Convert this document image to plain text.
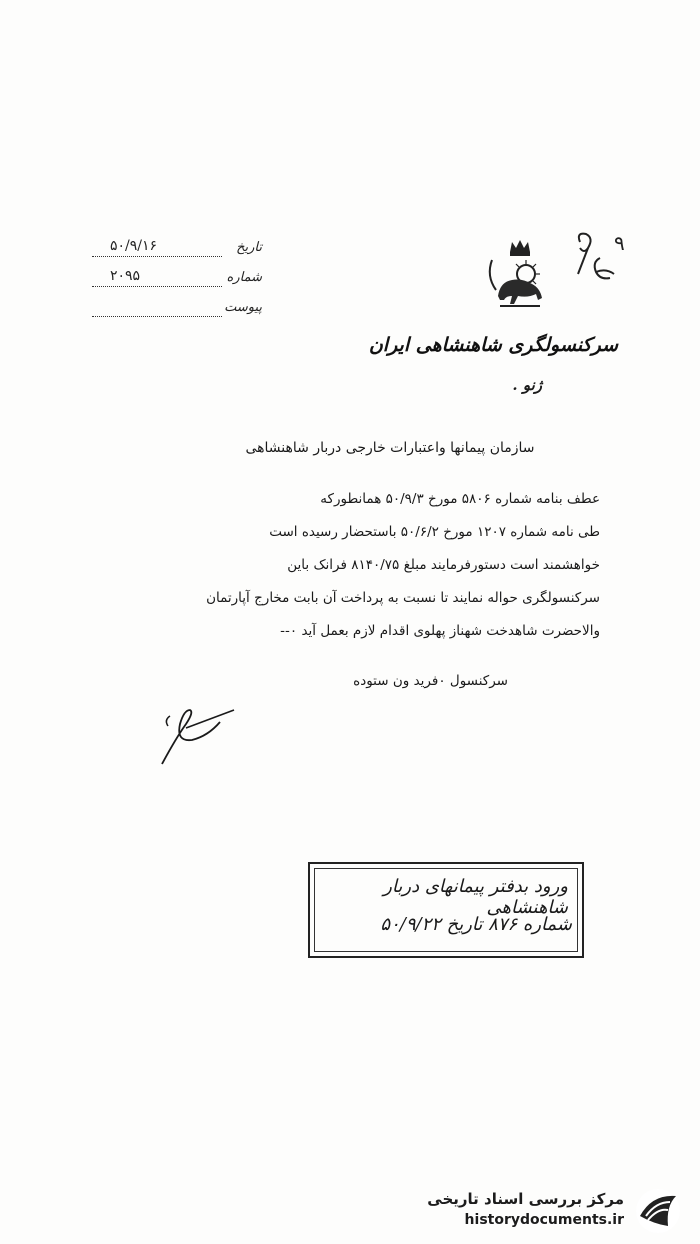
تاریخ
۵۰/۹/۱۶
شماره
۲۰۹۵
پیوست
۹
سرکنسولگری شاهنشاهی ایران
ژنو .
سازمان پیمانها واعتبارات خارجی دربار شاهنشاهی
عطف بنامه شماره ۵۸۰۶ مورخ ۵۰/۹/۳ همانطورکه
طی نامه شماره ۱۲۰۷ مورخ ۵۰/۶/۲ باستحضار رسیده است
خواهشمند است دستورفرمایند مبلغ ۸۱۴۰/۷۵ فرانک باین
سرکنسولگری حواله نمایند تا نسبت به پرداخت آن بابت مخارج آپارتمان
والاحضرت شاهدخت شهناز پهلوی اقدام لازم بعمل آید ٠--
سرکنسول ٠فرید ون ستوده
ورود بدفتر پیمانهای دربار شاهنشاهی
شماره ۸۷۶ تاریخ ۵۰/۹/۲۲
مرکز بررسی اسناد تاریخی
historydocuments.ir
